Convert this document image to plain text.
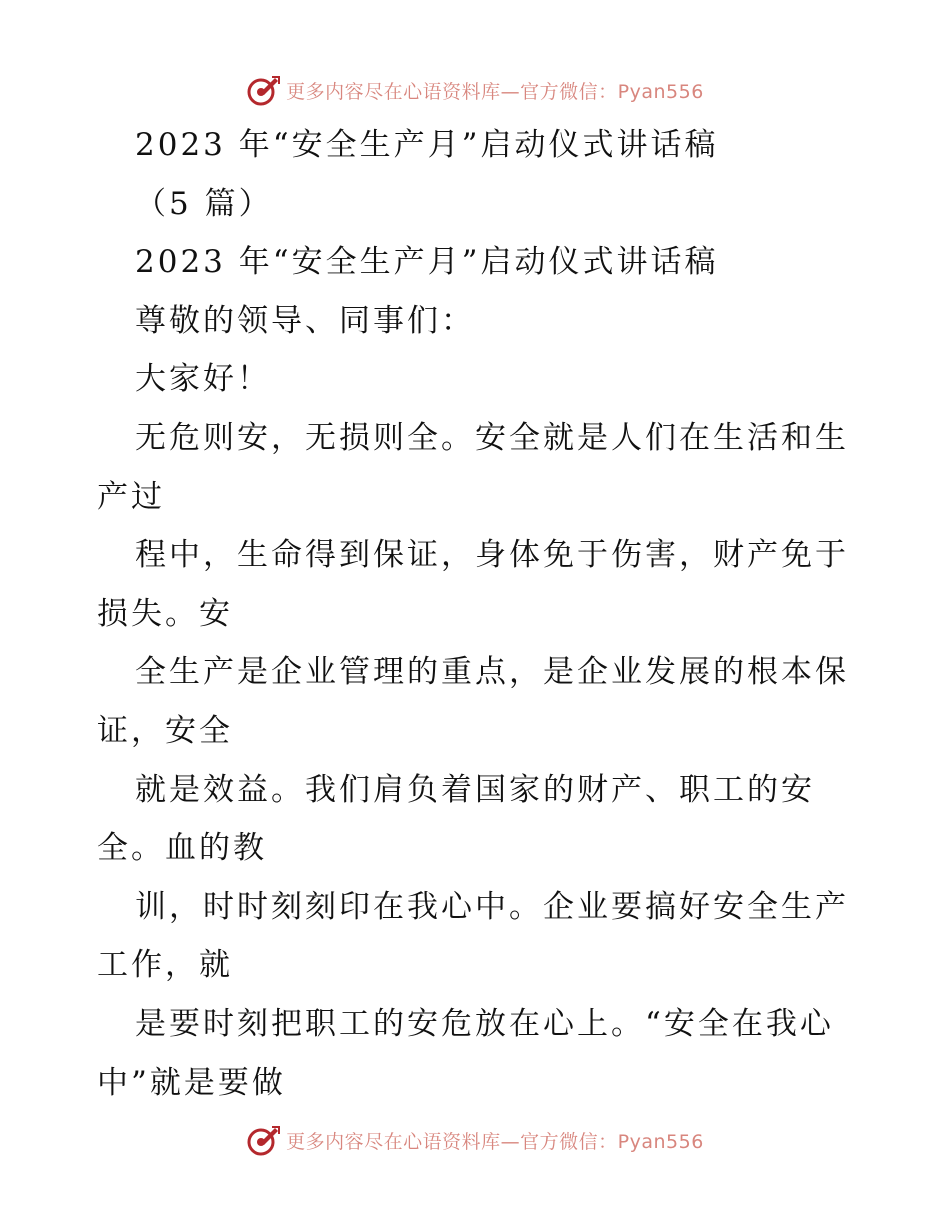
更多内容尽在心语资料库—官方微信：Pyan556
2023 年“安全生产月”启动仪式讲话稿
（5 篇）
2023 年“安全生产月”启动仪式讲话稿
尊敬的领导、同事们：
大家好！
无危则安，无损则全。安全就是人们在生活和生
产过
程中，生命得到保证，身体免于伤害，财产免于
损失。安
全生产是企业管理的重点，是企业发展的根本保
证，安全
就是效益。我们肩负着国家的财产、职工的安
全。血的教
训，时时刻刻印在我心中。企业要搞好安全生产
工作，就
是要时刻把职工的安危放在心上。“安全在我心
中”就是要做
更多内容尽在心语资料库—官方微信：Pyan556
